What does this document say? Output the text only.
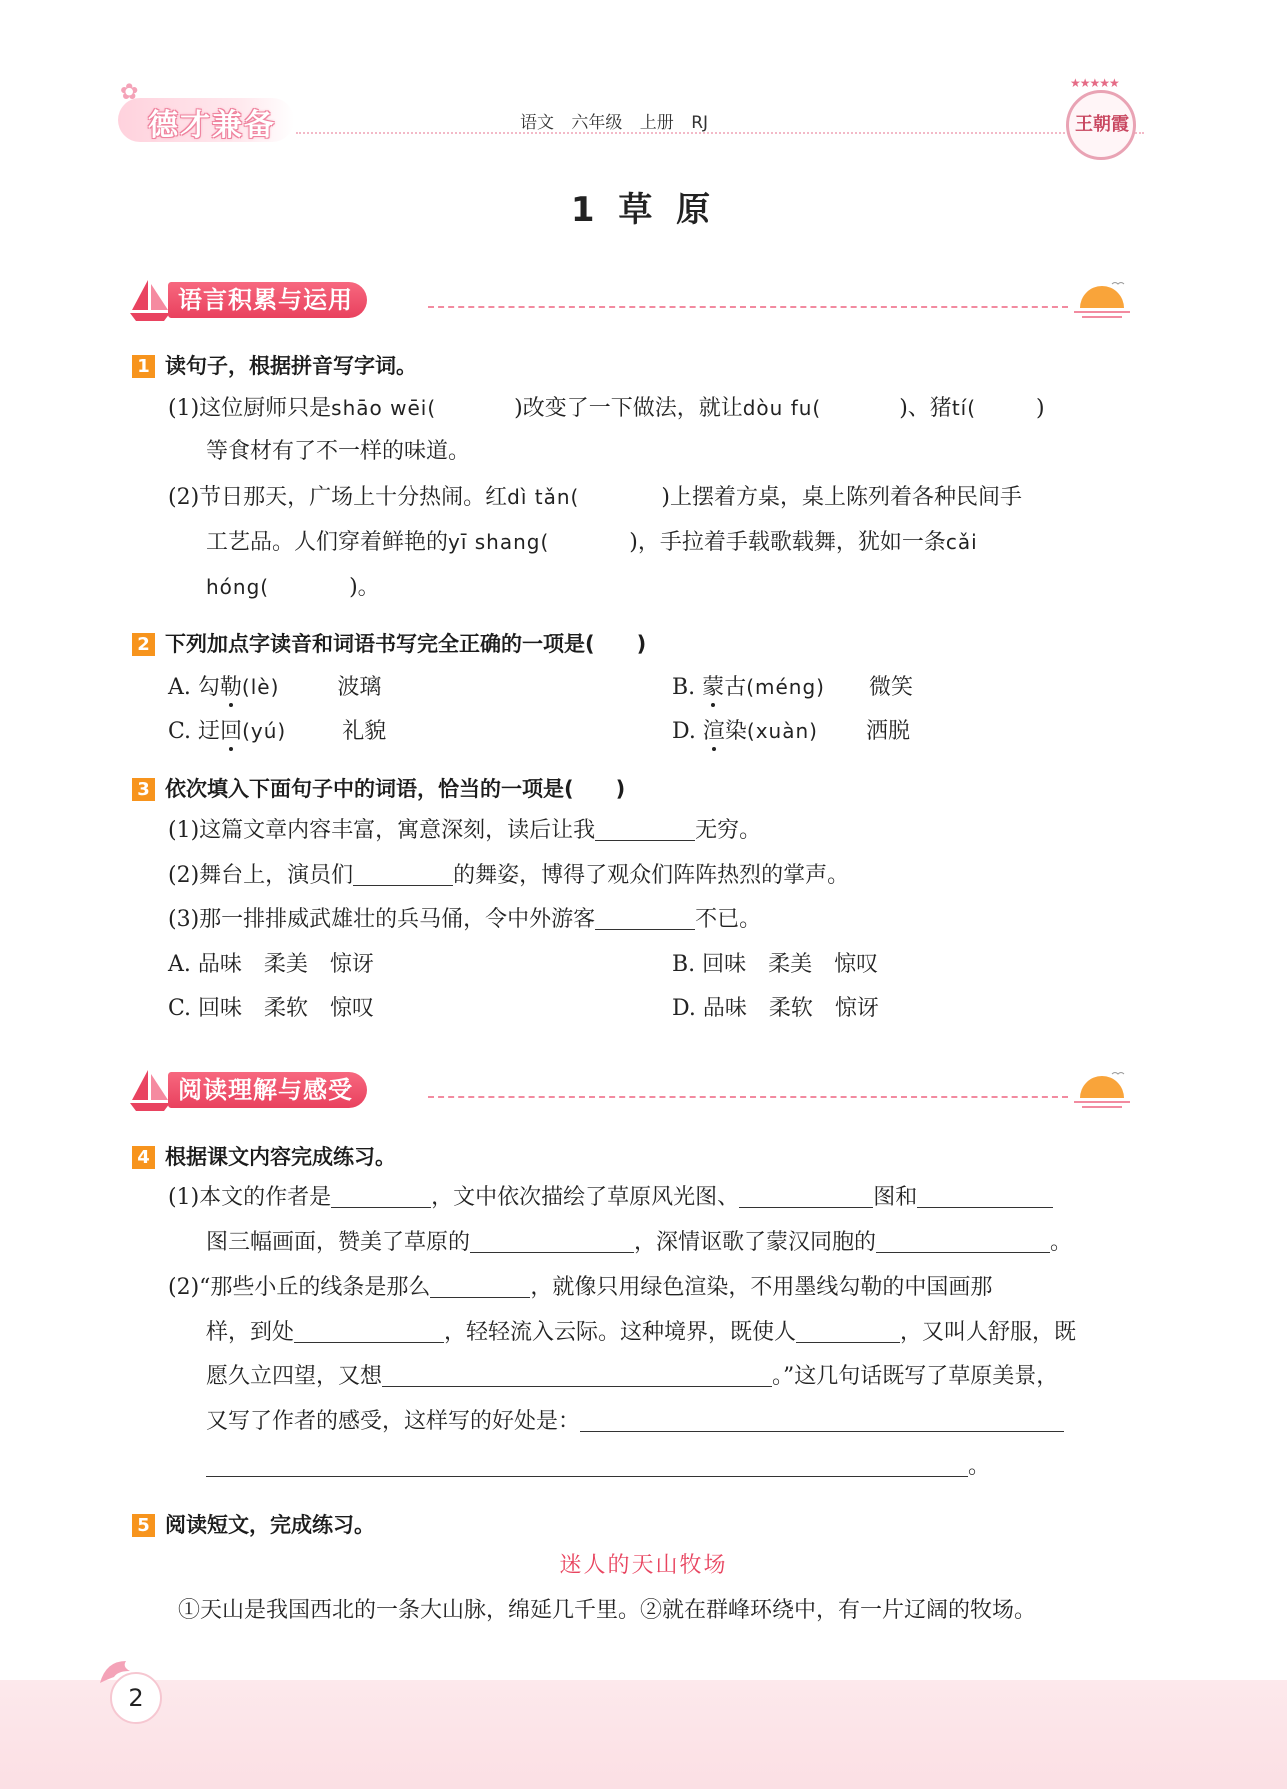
✿
德才兼备	语文 六年级 上册 RJ
★★★★★
王朝霞
1 草 原
语言积累与运用
1 读句子，根据拼音写字词。
(1)这位厨师只是shāo wēi(	)改变了一下做法，就让dòu fu(	)、猪tí(	)
等食材有了不一样的味道。
(2)节日那天，广场上十分热闹。红dì tǎn(	)上摆着方桌，桌上陈列着各种民间手
工艺品。人们穿着鲜艳的yī shang(	)，手拉着手载歌载舞，犹如一条cǎi
hóng(	)。
2 下列加点字读音和词语书写完全正确的一项是(　　)
A. 勾勒(lè)	波璃	B. 蒙古(méng) 微笑
C. 迂回(yú)	礼貌	D. 渲染(xuàn) 洒脱
3 依次填入下面句子中的词语，恰当的一项是(　　)
(1)这篇文章内容丰富，寓意深刻，读后让我	无穷。
(2)舞台上，演员们	的舞姿，博得了观众们阵阵热烈的掌声。
(3)那一排排威武雄壮的兵马俑，令中外游客	不已。
A. 品味　柔美　惊讶	B. 回味　柔美　惊叹
C. 回味　柔软　惊叹	D. 品味　柔软　惊讶
阅读理解与感受
4 根据课文内容完成练习。
(1)本文的作者是	，文中依次描绘了草原风光图、	图和
图三幅画面，赞美了草原的	，深情讴歌了蒙汉同胞的	。
(2)“那些小丘的线条是那么	，就像只用绿色渲染，不用墨线勾勒的中国画那
样，到处	，轻轻流入云际。这种境界，既使人	，又叫人舒服，既
愿久立四望，又想	。”这几句话既写了草原美景，
又写了作者的感受，这样写的好处是：
。
5 阅读短文，完成练习。
迷人的天山牧场
①天山是我国西北的一条大山脉，绵延几千里。②就在群峰环绕中，有一片辽阔的牧场。
2
